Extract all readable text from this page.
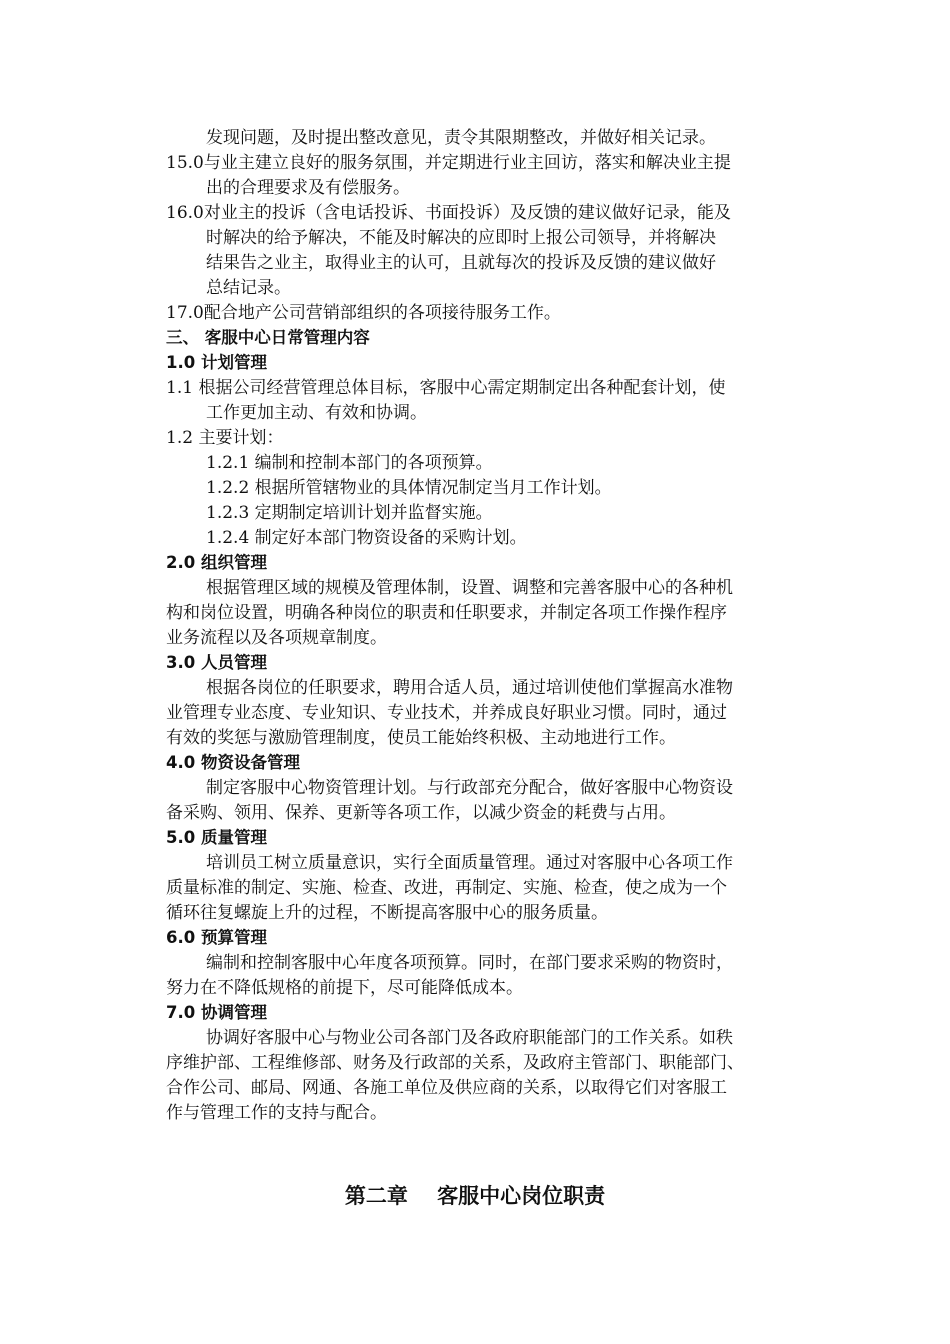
发现问题，及时提出整改意见，责令其限期整改，并做好相关记录。
15.0与业主建立良好的服务氛围，并定期进行业主回访，落实和解决业主提
出的合理要求及有偿服务。
16.0对业主的投诉（含电话投诉、书面投诉）及反馈的建议做好记录，能及
时解决的给予解决，不能及时解决的应即时上报公司领导，并将解决
结果告之业主，取得业主的认可，且就每次的投诉及反馈的建议做好
总结记录。
17.0配合地产公司营销部组织的各项接待服务工作。
三、 客服中心日常管理内容
1.0 计划管理
1.1 根据公司经营管理总体目标，客服中心需定期制定出各种配套计划，使
工作更加主动、有效和协调。
1.2 主要计划：
1.2.1 编制和控制本部门的各项预算。
1.2.2 根据所管辖物业的具体情况制定当月工作计划。
1.2.3 定期制定培训计划并监督实施。
1.2.4 制定好本部门物资设备的采购计划。
2.0 组织管理
根据管理区域的规模及管理体制，设置、调整和完善客服中心的各种机
构和岗位设置，明确各种岗位的职责和任职要求，并制定各项工作操作程序
业务流程以及各项规章制度。
3.0 人员管理
根据各岗位的任职要求，聘用合适人员，通过培训使他们掌握高水准物
业管理专业态度、专业知识、专业技术，并养成良好职业习惯。同时，通过
有效的奖惩与激励管理制度，使员工能始终积极、主动地进行工作。
4.0 物资设备管理
制定客服中心物资管理计划。与行政部充分配合，做好客服中心物资设
备采购、领用、保养、更新等各项工作，以减少资金的耗费与占用。
5.0 质量管理
培训员工树立质量意识，实行全面质量管理。通过对客服中心各项工作
质量标准的制定、实施、检查、改进，再制定、实施、检查，使之成为一个
循环往复螺旋上升的过程，不断提高客服中心的服务质量。
6.0 预算管理
编制和控制客服中心年度各项预算。同时，在部门要求采购的物资时，
努力在不降低规格的前提下，尽可能降低成本。
7.0 协调管理
协调好客服中心与物业公司各部门及各政府职能部门的工作关系。如秩
序维护部、工程维修部、财务及行政部的关系，及政府主管部门、职能部门、
合作公司、邮局、网通、各施工单位及供应商的关系，以取得它们对客服工
作与管理工作的支持与配合。
第二章    客服中心岗位职责
